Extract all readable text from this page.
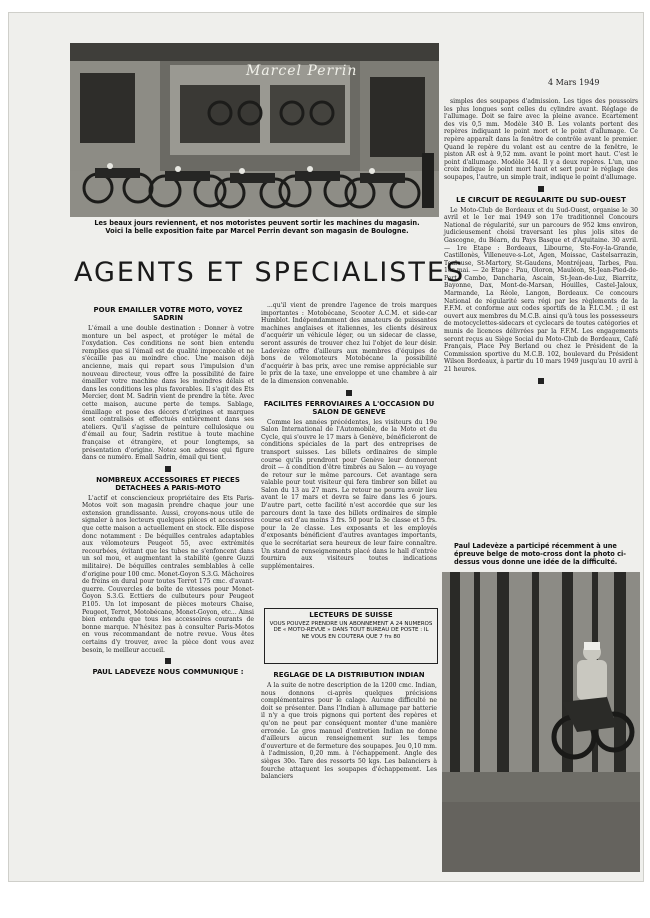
Marcel Perrin
4 Mars 1949
Les beaux jours reviennent, et nos motoristes peuvent sortir les machines du magasin. Voici la belle exposition faite par Marcel Perrin devant son magasin de Boulogne.
AGENTS ET SPECIALISTES

simples des soupapes d'admission. Les tiges des poussoirs les plus longues sont celles du cylindre avant. Réglage de l'allumage. Doit se faire avec la pleine avance. Ecartement des vis 0,5 mm. Modèle 340 B. Les volants portent des repères indiquant le point mort et le point d'allumage. Ce repère apparaît dans la fenêtre de contrôle avant le premier. Quand le repère du volant est au centre de la fenêtre, le piston AR est à 9,52 mm. avant le point mort haut. C'est le point d'allumage. Modèle 344. Il y a deux repères. L'un, une croix indique le point mort haut et sert pour le réglage des soupapes, l'autre, un simple trait, indique le point d'allumage.

LE CIRCUIT DE REGULARITE DU SUD-OUEST

Le Moto-Club de Bordeaux et du Sud-Ouest, organise le 30 avril et le 1er mai 1949 son 17e traditionnel Concours National de régularité, sur un parcours de 952 kms environ, judicieusement choisi traversant les plus jolis sites de Gascogne, du Béarn, du Pays Basque et d'Aquitaine. 30 avril. — 1re Etape : Bordeaux, Libourne, Ste-Foy-la-Grande, Castillonès, Villeneuve-s-Lot, Agen, Moissac, Castelsarrazin, Toulouse, St-Martory, St-Gaudens, Montréjeau, Tarbes, Pau. 1er mai. — 2e Etape : Pau, Oloron, Mauléon, St-Jean-Pied-de-Port, Cambo, Dancharia, Ascain, St-Jean-de-Luz, Biarritz, Bayonne, Dax, Mont-de-Marsan, Houilles, Castel-Jaloux, Marmande, La Réole, Langon, Bordeaux. Ce concours National de régularité sera régi par les règlements de la F.F.M. et conforme aux codes sportifs de la F.I.C.M. ; il est ouvert aux membres du M.C.B. ainsi qu'à tous les possesseurs de motocyclettes-sidecars et cyclecars de toutes catégories et munis de licences délivrées par la F.F.M. Les engagements seront reçus au Siège Social du Moto-Club de Bordeaux, Café Français, Place Pey Berland ou chez le Président de la Commission sportive du M.C.B. 102, boulevard du Président Wilson Bordeaux, à partir du 10 mars 1949 jusqu'au 10 avril à 21 heures.

POUR EMAILLER VOTRE MOTO, VOYEZ SADRIN

L'émail a une double destination : Donner à votre monture un bel aspect, et protéger le métal de l'oxydation. Ces conditions ne sont bien entendu remplies que si l'émail est de qualité impeccable et ne s'écaille pas au moindre choc. Une maison déjà ancienne, mais qui repart sous l'impulsion d'un nouveau directeur, vous offre la possibilité de faire émailler votre machine dans les moindres délais et dans les conditions les plus favorables. Il s'agit des Ets Mercier, dont M. Sadrin vient de prendre la tête. Avec cette maison, aucune perte de temps. Sablage, émaillage et pose des décors d'origines et marques sont centralisés et effectués entièrement dans ses ateliers. Qu'il s'agisse de peinture cellulosique ou d'émail au four, Sadrin restitue à toute machine française et étrangère, et pour longtemps, sa présentation d'origine. Notez son adresse qui figure dans ce numéro. Emall Sadrin, émail qui tient.

NOMBREUX ACCESSOIRES ET PIECES DETACHEES A PARIS-MOTO

L'actif et consciencieux propriétaire des Ets Paris-Motos voit son magasin prendre chaque jour une extension grandissante. Aussi, croyons-nous utile de signaler à nos lecteurs quelques pièces et accessoires que cette maison a actuellement en stock. Elle dispose donc notamment : De béquilles centrales adaptables aux vélomoteurs Peugeot 55, avec extrémités recourbées, évitant que les tubes ne s'enfoncent dans un sol mou, et augmentant la stabilité (genre Guzzi militaire). De béquilles centrales semblables à celle d'origine pour 100 cmc. Monet-Goyon S.3.G. Mâchoires de freins en dural pour toutes Terrot 175 cmc. d'avant-guerre. Couvercles de boîte de vitesses pour Monet-Goyon S.3.G. Ecttiers de culbuteurs pour Peugeot P.105. Un lot imposant de pièces moteurs Chaise, Peugeot, Terrot, Motobécane, Monet-Goyon, etc... Ainsi bien entendu que tous les accessoires courants de bonne marque. N'hésitez pas à consulter Paris-Motos en vous recommandant de notre revue. Vous êtes certains d'y trouver, avec la pièce dont vous avez besoin, le meilleur accueil.

PAUL LADEVEZE NOUS COMMUNIQUE :

...qu'il vient de prendre l'agence de trois marques importantes : Motobécane, Scooter A.C.M. et side-car Humblot. Indépendamment des amateurs de puissantes machines anglaises et italiennes, les clients désireux d'acquérir un véhicule léger, ou un sidecar de classe, seront assurés de trouver chez lui l'objet de leur désir. Ladevèze offre d'ailleurs aux membres d'équipes de bons de vélomoteurs Motobécane la possibilité d'acquérir à bas prix, avec une remise appréciable sur le prix de la taxe, une enveloppe et une chambre à air de la dimension convenable.

FACILITES FERROVIAIRES A L'OCCASION DU SALON DE GENEVE

Comme les années précédentes, les visiteurs du 19e Salon International de l'Automobile, de la Moto et du Cycle, qui s'ouvre le 17 mars à Genève, bénéficieront de conditions spéciales de la part des entreprises de transport suisses. Les billets ordinaires de simple course qu'ils prendront pour Genève leur donneront droit — à condition d'être timbrés au Salon — au voyage de retour sur le même parcours. Cet avantage sera valable pour tout visiteur qui fera timbrer son billet au Salon du 13 au 27 mars. Le retour ne pourra avoir lieu avant le 17 mars et devra se faire dans les 6 jours. D'autre part, cette facilité n'est accordée que sur les parcours dont la taxe des billets ordinaires de simple course est d'au moins 3 frs. 50 pour la 3e classe et 5 frs. pour la 2e classe. Les exposants et les employés d'exposants bénéficient d'autres avantages importants, que le secrétariat sera heureux de leur faire connaître. Un stand de renseignements placé dans le hall d'entrée fournira aux visiteurs toutes indications supplémentaires.

LECTEURS DE SUISSE
VOUS POUVEZ PRENDRE UN ABONNEMENT A 24 NUMEROS DE « MOTO-REVUE » DANS TOUT BUREAU DE POSTE : IL NE VOUS EN COUTERA QUE 7 frs 80
REGLAGE DE LA DISTRIBUTION INDIAN

A la suite de notre description de la 1200 cmc. Indian, nous donnons ci-après quelques précisions complémentaires pour le calage. Aucune difficulté ne doit se présenter. Dans l'Indian à allumage par batterie il n'y a que trois pignons qui portent des repères et qu'on ne peut par conséquent monter d'une manière erronée. Le gros manuel d'entretien Indian ne donne d'ailleurs aucun renseignement sur les temps d'ouverture et de fermeture des soupapes. Jeu 0,10 mm. à l'admission, 0,20 mm. à l'échappement. Angle des sièges 30o. Tare des ressorts 50 kgs. Les balanciers à fourche attaquent les soupapes d'échappement. Les balanciers

Paul Ladevèze a participé récemment à une épreuve belge de moto-cross dont la photo ci-dessus vous donne une idée de la difficulté.
